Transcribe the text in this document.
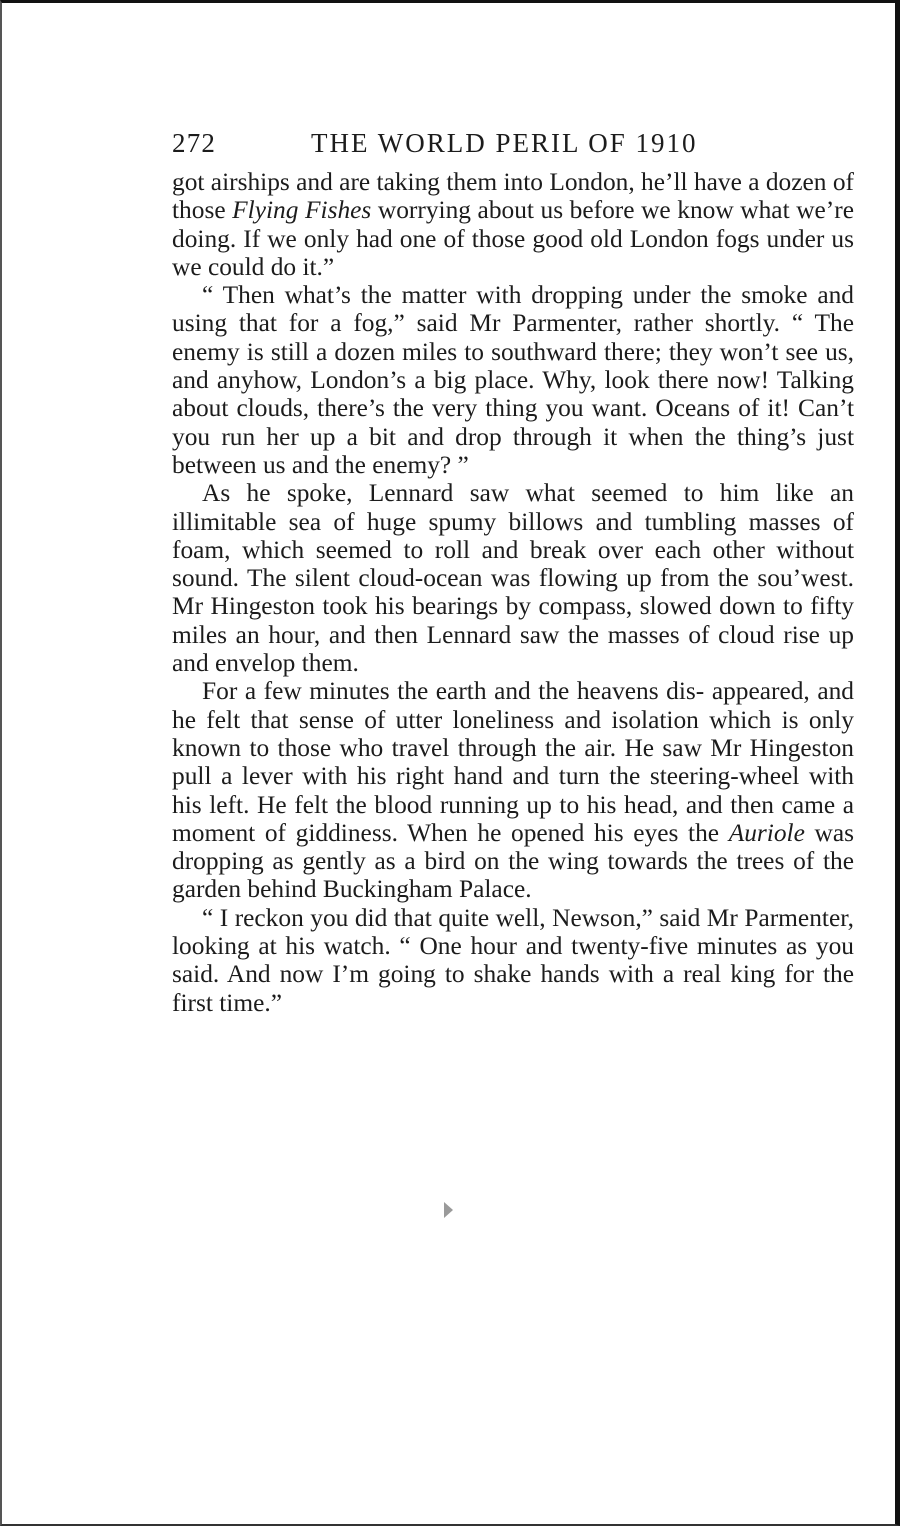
272	THE WORLD PERIL OF 1910

got airships and are taking them into London, he’ll have a dozen of those Flying Fishes worrying about us before we know what we’re doing. If we only had one of those good old London fogs under us we could do it.”

“ Then what’s the matter with dropping under the smoke and using that for a fog,” said Mr Parmenter, rather shortly. “ The enemy is still a dozen miles to southward there; they won’t see us, and anyhow, London’s a big place. Why, look there now! Talking about clouds, there’s the very thing you want. Oceans of it! Can’t you run her up a bit and drop through it when the thing’s just between us and the enemy? ”

As he spoke, Lennard saw what seemed to him like an illimitable sea of huge spumy billows and tumbling masses of foam, which seemed to roll and break over each other without sound. The silent cloud-ocean was flowing up from the sou’west. Mr Hingeston took his bearings by compass, slowed down to fifty miles an hour, and then Lennard saw the masses of cloud rise up and envelop them.

For a few minutes the earth and the heavens dis- appeared, and he felt that sense of utter loneliness and isolation which is only known to those who travel through the air. He saw Mr Hingeston pull a lever with his right hand and turn the steering-wheel with his left. He felt the blood running up to his head, and then came a moment of giddiness. When he opened his eyes the Auriole was dropping as gently as a bird on the wing towards the trees of the garden behind Buckingham Palace.

“ I reckon you did that quite well, Newson,” said Mr Parmenter, looking at his watch. “ One hour and twenty-five minutes as you said. And now I’m going to shake hands with a real king for the first time.”
